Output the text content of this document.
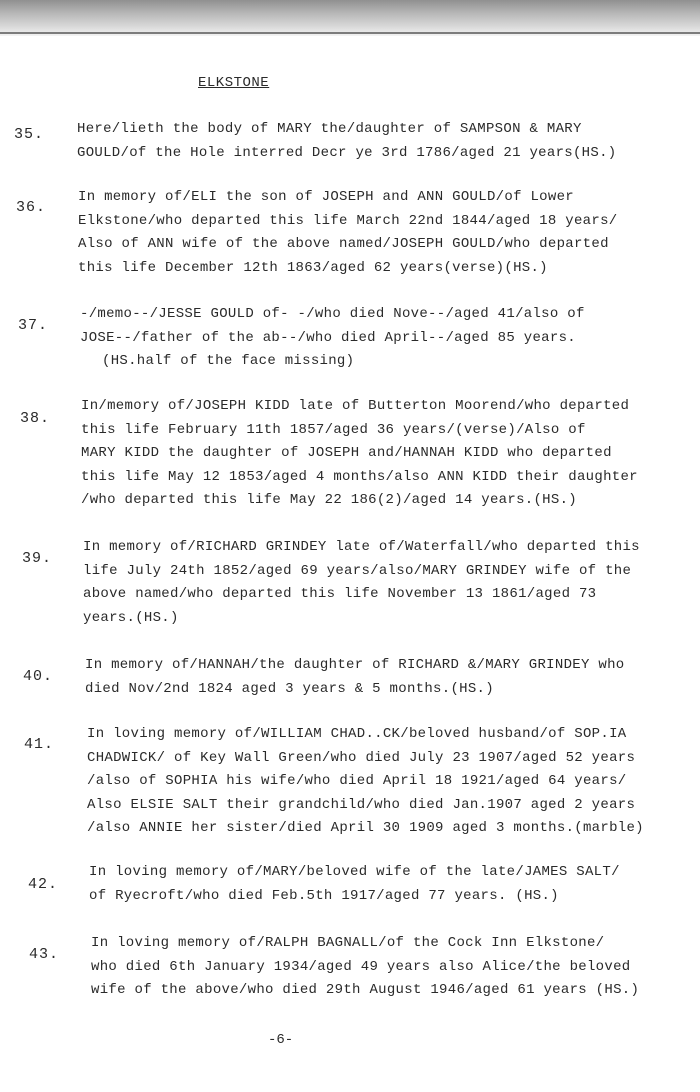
ELKSTONE
35. Here/lieth the body of MARY the/daughter of SAMPSON & MARY
GOULD/of the Hole interred Decr ye 3rd 1786/aged 21 years(HS.)
36.
In memory of/ELI the son of JOSEPH and ANN GOULD/of Lower
Elkstone/who departed this life March 22nd 1844/aged 18 years/
Also of ANN wife of the above named/JOSEPH GOULD/who departed
this life December 12th 1863/aged 62 years(verse)(HS.)
37.
-/memo--/JESSE GOULD of- -/who died Nove--/aged 41/also of
JOSE--/father of the ab--/who died April--/aged 85 years.
(HS.half of the face missing)
38.
In/memory of/JOSEPH KIDD late of Butterton Moorend/who departed
this life February 11th 1857/aged 36 years/(verse)/Also of
MARY KIDD the daughter of JOSEPH and/HANNAH KIDD who departed
this life May 12 1853/aged 4 months/also ANN KIDD their daughter
/who departed this life May 22 186(2)/aged 14 years.(HS.)
39.
In memory of/RICHARD GRINDEY late of/Waterfall/who departed this
life July 24th 1852/aged 69 years/also/MARY GRINDEY wife of the
above named/who departed this life November 13 1861/aged 73
years.(HS.)
40.
In memory of/HANNAH/the daughter of RICHARD &/MARY GRINDEY who
died Nov/2nd 1824 aged 3 years & 5 months.(HS.)
41.
In loving memory of/WILLIAM CHAD..CK/beloved husband/of SOP.IA
CHADWICK/ of Key Wall Green/who died July 23 1907/aged 52 years
/also of SOPHIA his wife/who died April 18 1921/aged 64 years/
Also ELSIE SALT their grandchild/who died Jan.1907 aged 2 years
/also ANNIE her sister/died April 30 1909 aged 3 months.(marble)
42.
In loving memory of/MARY/beloved wife of the late/JAMES SALT/
of Ryecroft/who died Feb.5th 1917/aged 77 years. (HS.)
43.
In loving memory of/RALPH BAGNALL/of the Cock Inn Elkstone/
who died 6th January 1934/aged 49 years also Alice/the beloved
wife of the above/who died 29th August 1946/aged 61 years (HS.)
-6-
